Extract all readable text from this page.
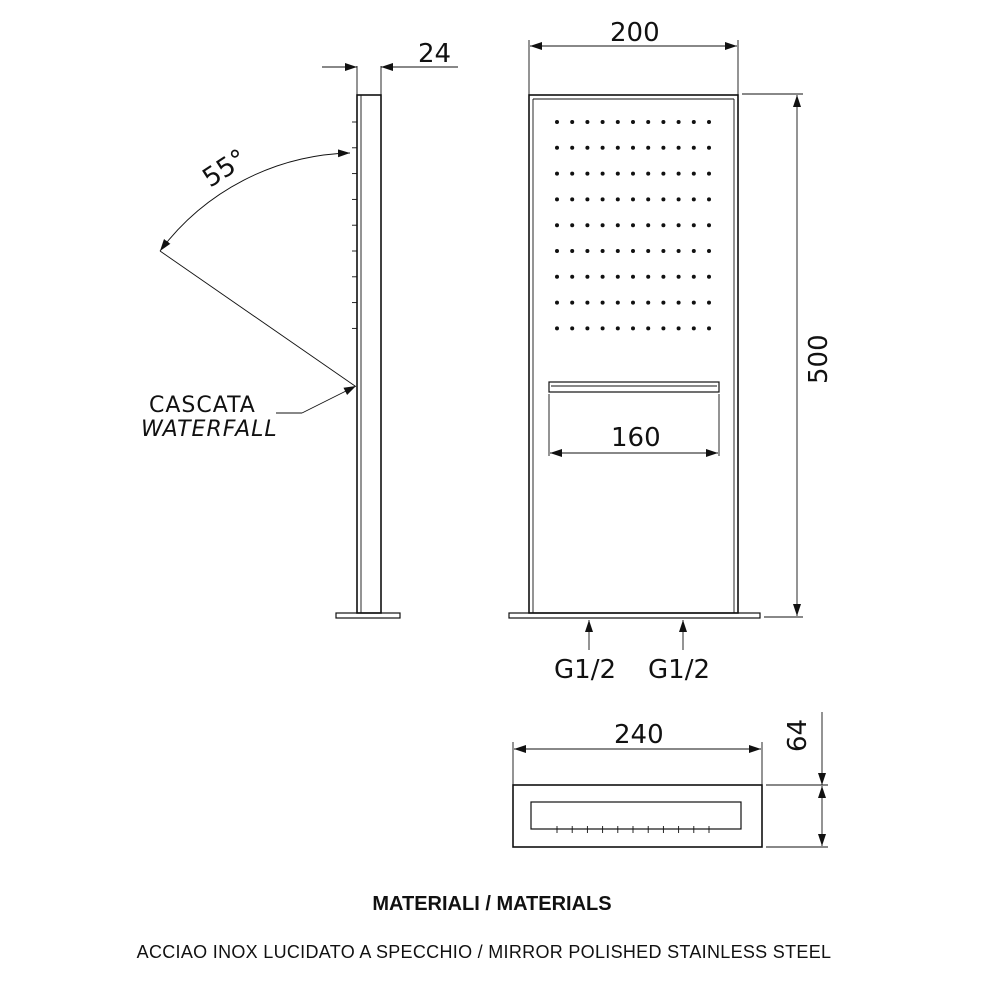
24
55°
CASCATA
WATERFALL
200
500
160
G1/2 G1/2
240	64
MATERIALI / MATERIALS
ACCIAO INOX LUCIDATO A SPECCHIO / MIRROR POLISHED STAINLESS STEEL
